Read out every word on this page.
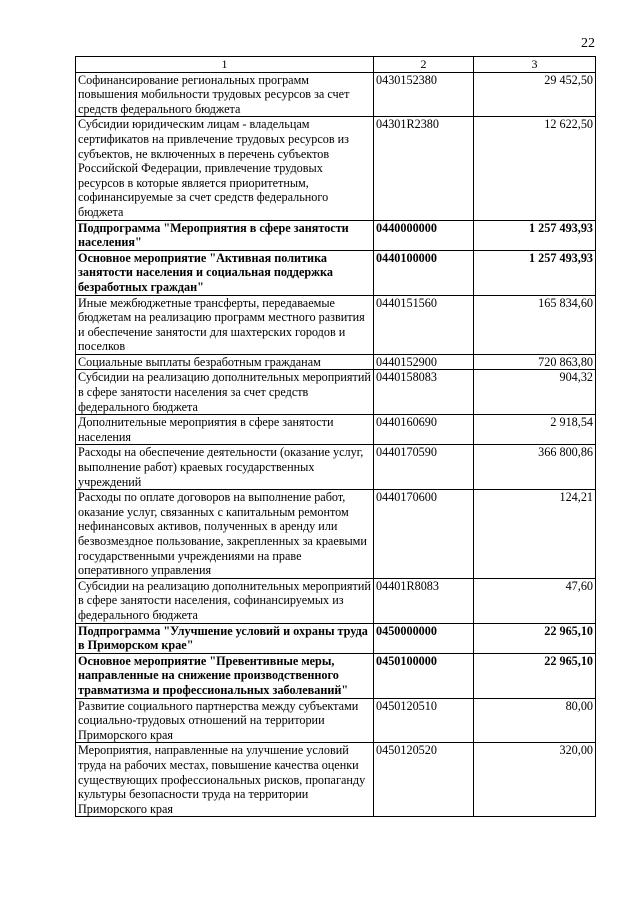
22
1	2	3
Софинансирование региональных программ повышения мобильности трудовых ресурсов за счет средств федерального бюджета	0430152380	29 452,50
Субсидии юридическим лицам - владельцам сертификатов на привлечение трудовых ресурсов из субъектов, не включенных в перечень субъектов Российской Федерации, привлечение трудовых ресурсов в которые является приоритетным, софинансируемые за счет средств федерального бюджета	04301R2380	12 622,50
Подпрограмма "Мероприятия в сфере занятости населения"	0440000000	1 257 493,93
Основное мероприятие "Активная политика занятости населения и социальная поддержка безработных граждан"	0440100000	1 257 493,93
Иные межбюджетные трансферты, передаваемые бюджетам на реализацию программ местного развития и обеспечение занятости для шахтерских городов и поселков	0440151560	165 834,60
Социальные выплаты безработным гражданам	0440152900	720 863,80
Субсидии на реализацию дополнительных мероприятий в сфере занятости населения за счет средств федерального бюджета	0440158083	904,32
Дополнительные мероприятия в сфере занятости населения	0440160690	2 918,54
Расходы на обеспечение деятельности (оказание услуг, выполнение работ) краевых государственных учреждений	0440170590	366 800,86
Расходы по оплате договоров на выполнение работ, оказание услуг, связанных с капитальным ремонтом нефинансовых активов, полученных в аренду или безвозмездное пользование, закрепленных за краевыми государственными учреждениями на праве оперативного управления	0440170600	124,21
Субсидии на реализацию дополнительных мероприятий в сфере занятости населения, софинансируемых из федерального бюджета	04401R8083	47,60
Подпрограмма "Улучшение условий и охраны труда в Приморском крае"	0450000000	22 965,10
Основное мероприятие "Превентивные меры, направленные на снижение производственного травматизма и профессиональных заболеваний"	0450100000	22 965,10
Развитие социального партнерства между субъектами социально-трудовых отношений на территории Приморского края	0450120510	80,00
Мероприятия, направленные на улучшение условий труда на рабочих местах, повышение качества оценки существующих профессиональных рисков, пропаганду культуры безопасности труда на территории Приморского края	0450120520	320,00
